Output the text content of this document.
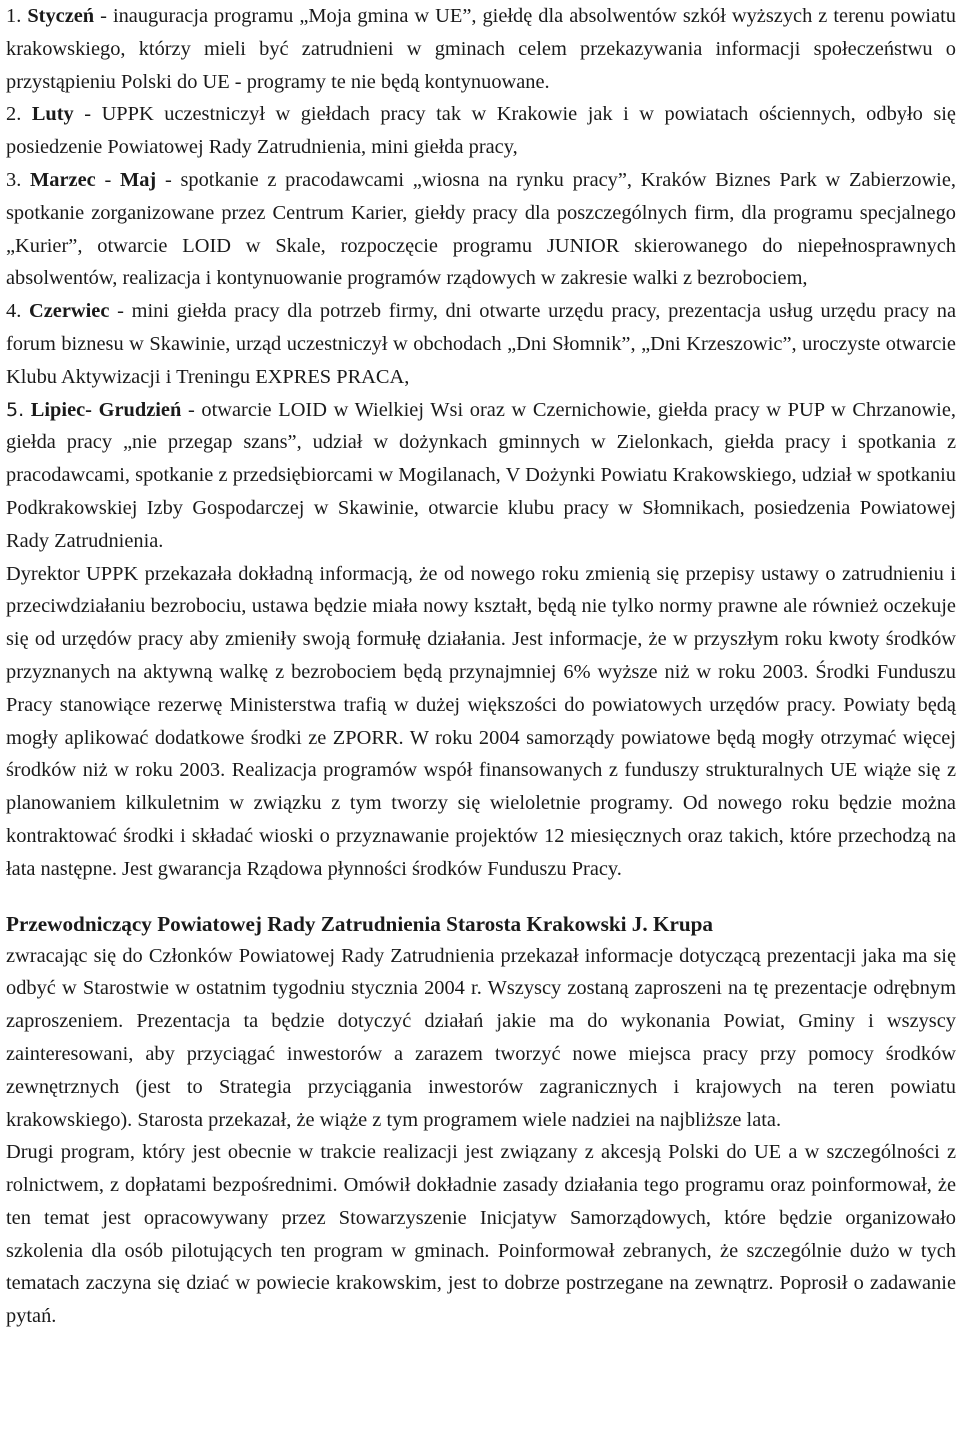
1. Styczeń - inauguracja programu „Moja gmina w UE”, giełdę dla absolwentów szkół wyższych z terenu powiatu krakowskiego, którzy mieli być zatrudnieni w gminach celem przekazywania informacji społeczeństwu o przystąpieniu Polski do UE - programy te nie będą kontynuowane.

2. Luty - UPPK uczestniczył w giełdach pracy tak w Krakowie jak i w powiatach ościennych, odbyło się posiedzenie Powiatowej Rady Zatrudnienia, mini giełda pracy,

3. Marzec - Maj - spotkanie z pracodawcami „wiosna na rynku pracy”, Kraków Biznes Park w Zabierzowie, spotkanie zorganizowane przez Centrum Karier, giełdy pracy dla poszczególnych firm, dla programu specjalnego „Kurier”, otwarcie LOID w Skale, rozpoczęcie programu JUNIOR skierowanego do niepełnosprawnych absolwentów, realizacja i kontynuowanie programów rządowych w zakresie walki z bezrobociem,

4. Czerwiec - mini giełda pracy dla potrzeb firmy, dni otwarte urzędu pracy, prezentacja usług urzędu pracy na forum biznesu w Skawinie, urząd uczestniczył w obchodach „Dni Słomnik”, „Dni Krzeszowic”, uroczyste otwarcie Klubu Aktywizacji i Treningu EXPRES PRACA,

5. Lipiec- Grudzień - otwarcie LOID w Wielkiej Wsi oraz w Czernichowie, giełda pracy w PUP w Chrzanowie, giełda pracy „nie przegap szans”, udział w dożynkach gminnych w Zielonkach, giełda pracy i spotkania z pracodawcami, spotkanie z przedsiębiorcami w Mogilanach, V Dożynki Powiatu Krakowskiego, udział w spotkaniu Podkrakowskiej Izby Gospodarczej w Skawinie, otwarcie klubu pracy w Słomnikach, posiedzenia Powiatowej Rady Zatrudnienia.

Dyrektor UPPK przekazała dokładną informacją, że od nowego roku zmienią się przepisy ustawy o zatrudnieniu i przeciwdziałaniu bezrobociu, ustawa będzie miała nowy kształt, będą nie tylko normy prawne ale również oczekuje się od urzędów pracy aby zmieniły swoją formułę działania. Jest informacje, że w przyszłym roku kwoty środków przyznanych na aktywną walkę z bezrobociem będą przynajmniej 6% wyższe niż w roku 2003. Środki Funduszu Pracy stanowiące rezerwę Ministerstwa trafią w dużej większości do powiatowych urzędów pracy. Powiaty będą mogły aplikować dodatkowe środki ze ZPORR. W roku 2004 samorządy powiatowe będą mogły otrzymać więcej środków niż w roku 2003. Realizacja programów współ finansowanych z funduszy strukturalnych UE wiąże się z planowaniem kilkuletnim w związku z tym tworzy się wieloletnie programy. Od nowego roku będzie można kontraktować środki i składać wioski o przyznawanie projektów 12 miesięcznych oraz takich, które przechodzą na łata następne. Jest gwarancja Rządowa płynności środków Funduszu Pracy.

Przewodniczący Powiatowej Rady Zatrudnienia Starosta Krakowski J. Krupa

zwracając się do Członków Powiatowej Rady Zatrudnienia przekazał informacje dotyczącą prezentacji jaka ma się odbyć w Starostwie w ostatnim tygodniu stycznia 2004 r. Wszyscy zostaną zaproszeni na tę prezentacje odrębnym zaproszeniem. Prezentacja ta będzie dotyczyć działań jakie ma do wykonania Powiat, Gminy i wszyscy zainteresowani, aby przyciągać inwestorów a zarazem tworzyć nowe miejsca pracy przy pomocy środków zewnętrznych (jest to Strategia przyciągania inwestorów zagranicznych i krajowych na teren powiatu krakowskiego). Starosta przekazał, że wiąże z tym programem wiele nadziei na najbliższe lata.

Drugi program, który jest obecnie w trakcie realizacji jest związany z akcesją Polski do UE a w szczególności z rolnictwem, z dopłatami bezpośrednimi. Omówił dokładnie zasady działania tego programu oraz poinformował, że ten temat jest opracowywany przez Stowarzyszenie Inicjatyw Samorządowych, które będzie organizowało szkolenia dla osób pilotujących ten program w gminach. Poinformował zebranych, że szczególnie dużo w tych tematach zaczyna się dziać w powiecie krakowskim, jest to dobrze postrzegane na zewnątrz. Poprosił o zadawanie pytań.
